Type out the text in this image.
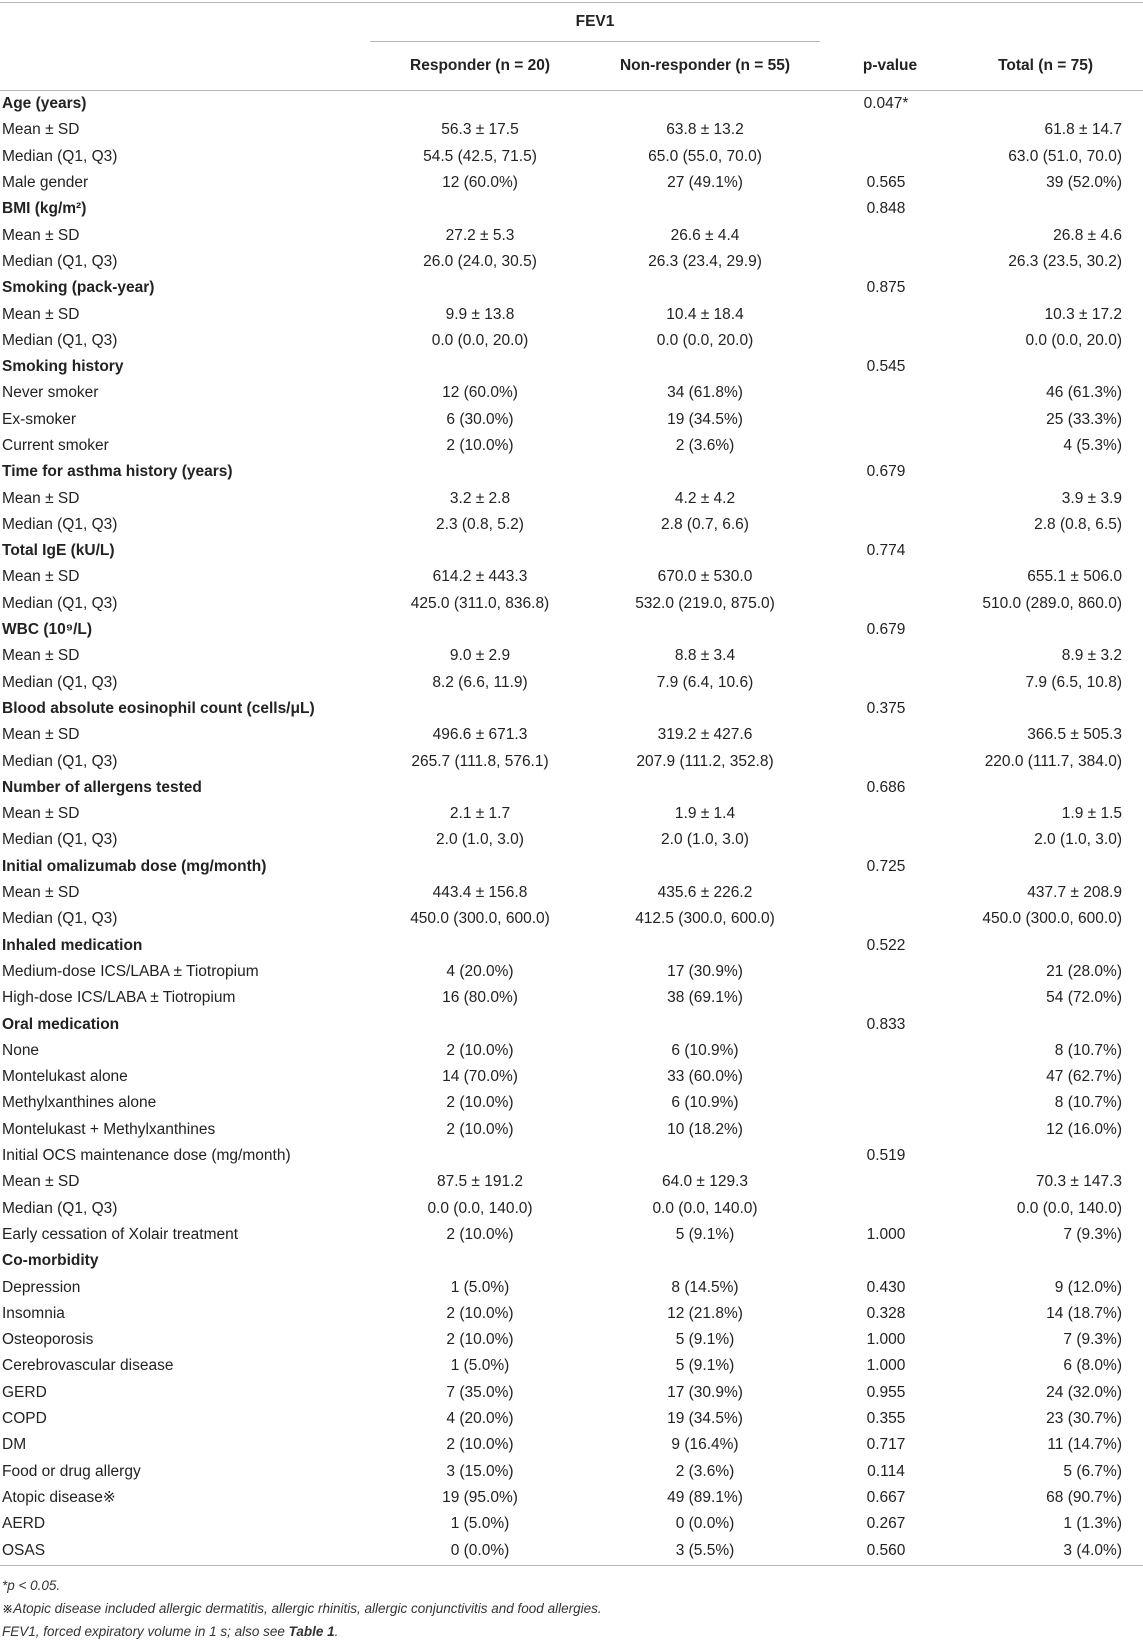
	FEV1			
	Responder (n = 20)	Non-responder (n = 55)	p-value	Total (n = 75)
Age (years)			0.047*	
Mean ± SD	56.3 ± 17.5	63.8 ± 13.2		61.8 ± 14.7
Median (Q1, Q3)	54.5 (42.5, 71.5)	65.0 (55.0, 70.0)		63.0 (51.0, 70.0)
Male gender	12 (60.0%)	27 (49.1%)	0.565	39 (52.0%)
BMI (kg/m²)			0.848	
Mean ± SD	27.2 ± 5.3	26.6 ± 4.4		26.8 ± 4.6
Median (Q1, Q3)	26.0 (24.0, 30.5)	26.3 (23.4, 29.9)		26.3 (23.5, 30.2)
Smoking (pack-year)			0.875	
Mean ± SD	9.9 ± 13.8	10.4 ± 18.4		10.3 ± 17.2
Median (Q1, Q3)	0.0 (0.0, 20.0)	0.0 (0.0, 20.0)		0.0 (0.0, 20.0)
Smoking history			0.545	
Never smoker	12 (60.0%)	34 (61.8%)		46 (61.3%)
Ex-smoker	6 (30.0%)	19 (34.5%)		25 (33.3%)
Current smoker	2 (10.0%)	2 (3.6%)		4 (5.3%)
Time for asthma history (years)			0.679	
Mean ± SD	3.2 ± 2.8	4.2 ± 4.2		3.9 ± 3.9
Median (Q1, Q3)	2.3 (0.8, 5.2)	2.8 (0.7, 6.6)		2.8 (0.8, 6.5)
Total IgE (kU/L)			0.774	
Mean ± SD	614.2 ± 443.3	670.0 ± 530.0		655.1 ± 506.0
Median (Q1, Q3)	425.0 (311.0, 836.8)	532.0 (219.0, 875.0)		510.0 (289.0, 860.0)
WBC (10⁹/L)			0.679	
Mean ± SD	9.0 ± 2.9	8.8 ± 3.4		8.9 ± 3.2
Median (Q1, Q3)	8.2 (6.6, 11.9)	7.9 (6.4, 10.6)		7.9 (6.5, 10.8)
Blood absolute eosinophil count (cells/μL)			0.375	
Mean ± SD	496.6 ± 671.3	319.2 ± 427.6		366.5 ± 505.3
Median (Q1, Q3)	265.7 (111.8, 576.1)	207.9 (111.2, 352.8)		220.0 (111.7, 384.0)
Number of allergens tested			0.686	
Mean ± SD	2.1 ± 1.7	1.9 ± 1.4		1.9 ± 1.5
Median (Q1, Q3)	2.0 (1.0, 3.0)	2.0 (1.0, 3.0)		2.0 (1.0, 3.0)
Initial omalizumab dose (mg/month)			0.725	
Mean ± SD	443.4 ± 156.8	435.6 ± 226.2		437.7 ± 208.9
Median (Q1, Q3)	450.0 (300.0, 600.0)	412.5 (300.0, 600.0)		450.0 (300.0, 600.0)
Inhaled medication			0.522	
Medium-dose ICS/LABA ± Tiotropium	4 (20.0%)	17 (30.9%)		21 (28.0%)
High-dose ICS/LABA ± Tiotropium	16 (80.0%)	38 (69.1%)		54 (72.0%)
Oral medication			0.833	
None	2 (10.0%)	6 (10.9%)		8 (10.7%)
Montelukast alone	14 (70.0%)	33 (60.0%)		47 (62.7%)
Methylxanthines alone	2 (10.0%)	6 (10.9%)		8 (10.7%)
Montelukast + Methylxanthines	2 (10.0%)	10 (18.2%)		12 (16.0%)
Initial OCS maintenance dose (mg/month)			0.519	
Mean ± SD	87.5 ± 191.2	64.0 ± 129.3		70.3 ± 147.3
Median (Q1, Q3)	0.0 (0.0, 140.0)	0.0 (0.0, 140.0)		0.0 (0.0, 140.0)
Early cessation of Xolair treatment	2 (10.0%)	5 (9.1%)	1.000	7 (9.3%)
Co-morbidity				
Depression	1 (5.0%)	8 (14.5%)	0.430	9 (12.0%)
Insomnia	2 (10.0%)	12 (21.8%)	0.328	14 (18.7%)
Osteoporosis	2 (10.0%)	5 (9.1%)	1.000	7 (9.3%)
Cerebrovascular disease	1 (5.0%)	5 (9.1%)	1.000	6 (8.0%)
GERD	7 (35.0%)	17 (30.9%)	0.955	24 (32.0%)
COPD	4 (20.0%)	19 (34.5%)	0.355	23 (30.7%)
DM	2 (10.0%)	9 (16.4%)	0.717	11 (14.7%)
Food or drug allergy	3 (15.0%)	2 (3.6%)	0.114	5 (6.7%)
Atopic disease※	19 (95.0%)	49 (89.1%)	0.667	68 (90.7%)
AERD	1 (5.0%)	0 (0.0%)	0.267	1 (1.3%)
OSAS	0 (0.0%)	3 (5.5%)	0.560	3 (4.0%)
*p < 0.05.
※Atopic disease included allergic dermatitis, allergic rhinitis, allergic conjunctivitis and food allergies.
FEV1, forced expiratory volume in 1 s; also see Table 1.
